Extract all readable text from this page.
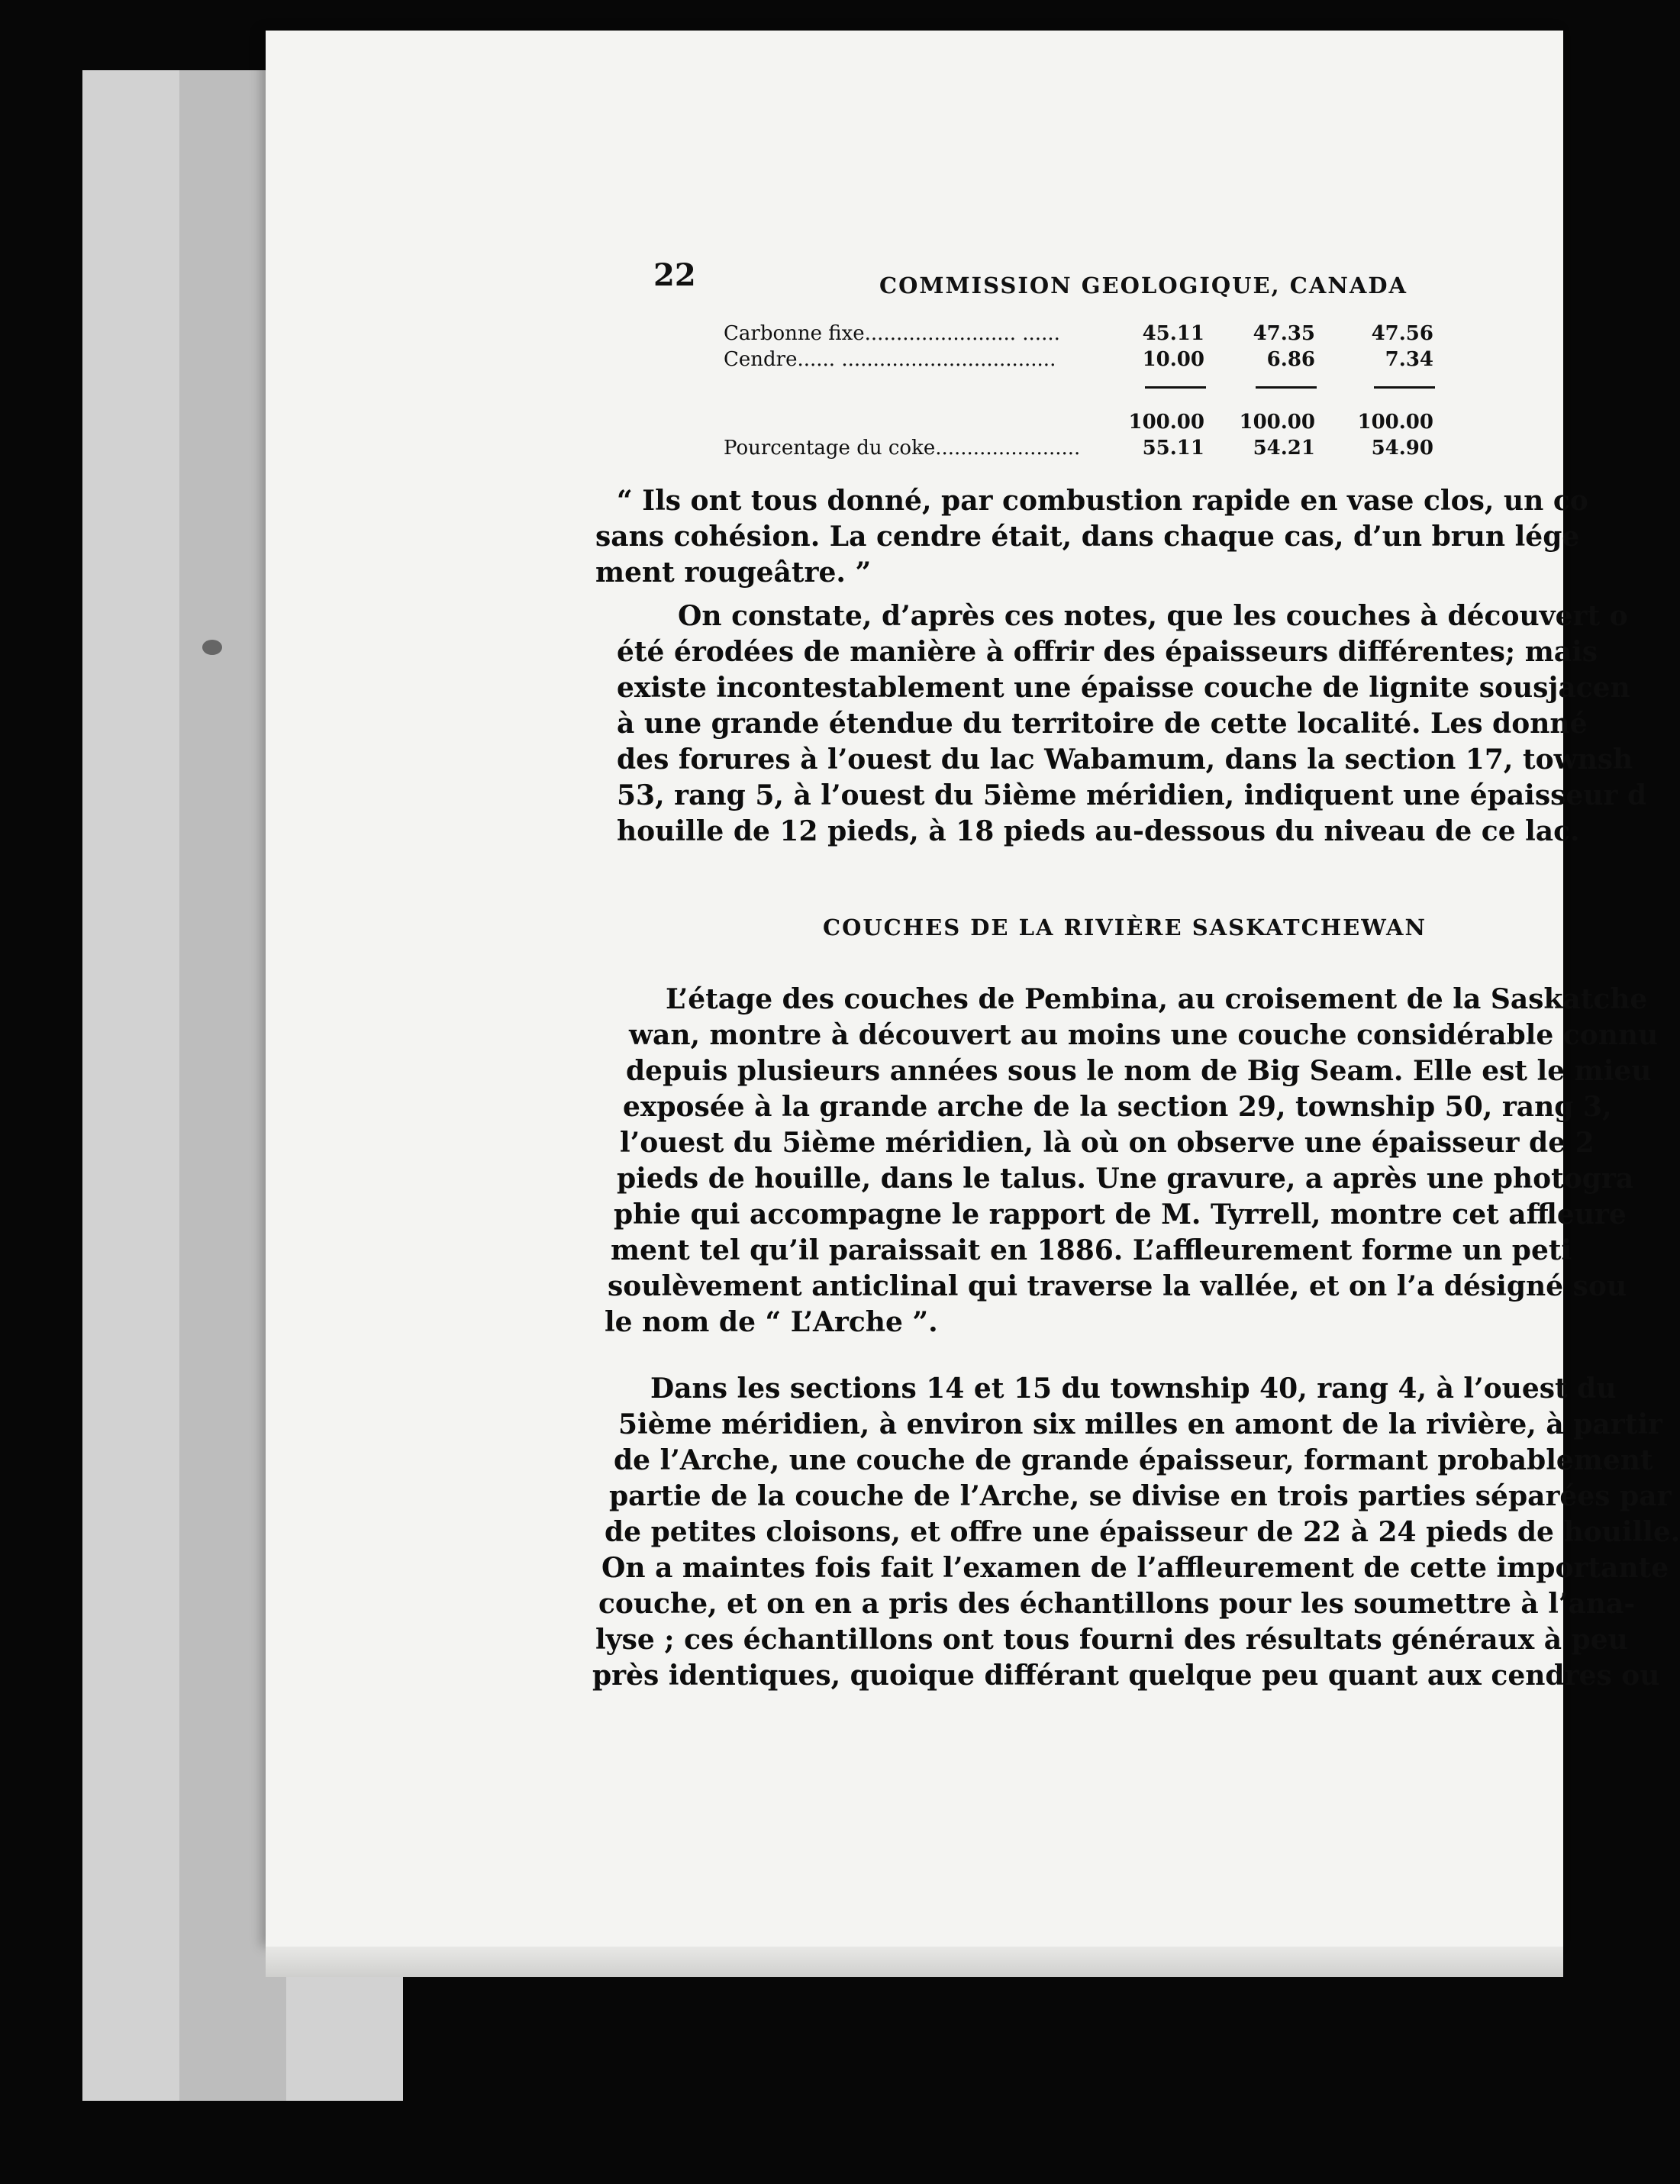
22	COMMISSION GEOLOGIQUE, CANADA
Carbonne fixe........................ ......	45.11	47.35	47.56
Cendre...... ..................................	10.00	6.86	7.34
100.00	100.00	100.00
Pourcentage du coke.......................	55.11	54.21	54.90
“ Ils ont tous donné, par combustion rapide en vase clos, un co
sans cohésion. La cendre était, dans chaque cas, d’un brun lége
ment rougeâtre. ”
On constate, d’après ces notes, que les couches à découvert o
été érodées de manière à offrir des épaisseurs différentes; mais
existe incontestablement une épaisse couche de lignite sousjacen
à une grande étendue du territoire de cette localité. Les donné
des forures à l’ouest du lac Wabamum, dans la section 17, townsh
53, rang 5, à l’ouest du 5ième méridien, indiquent une épaisseur d
houille de 12 pieds, à 18 pieds au-dessous du niveau de ce lac.
COUCHES DE LA RIVIÈRE SASKATCHEWAN
L’étage des couches de Pembina, au croisement de la Saskatche
wan, montre à découvert au moins une couche considérable connu
depuis plusieurs années sous le nom de Big Seam. Elle est le mieu
exposée à la grande arche de la section 29, township 50, rang 3,
l’ouest du 5ième méridien, là où on observe une épaisseur de 2
pieds de houille, dans le talus. Une gravure, a après une photogra
phie qui accompagne le rapport de M. Tyrrell, montre cet affleure
ment tel qu’il paraissait en 1886. L’affleurement forme un peti
soulèvement anticlinal qui traverse la vallée, et on l’a désigné sou
le nom de “ L’Arche ”.
Dans les sections 14 et 15 du township 40, rang 4, à l’ouest du
5ième méridien, à environ six milles en amont de la rivière, à partir
de l’Arche, une couche de grande épaisseur, formant probablement
partie de la couche de l’Arche, se divise en trois parties séparées par
de petites cloisons, et offre une épaisseur de 22 à 24 pieds de houille.
On a maintes fois fait l’examen de l’affleurement de cette importante
couche, et on en a pris des échantillons pour les soumettre à l’ana-
lyse ; ces échantillons ont tous fourni des résultats généraux à peu
près identiques, quoique différant quelque peu quant aux cendres ou
